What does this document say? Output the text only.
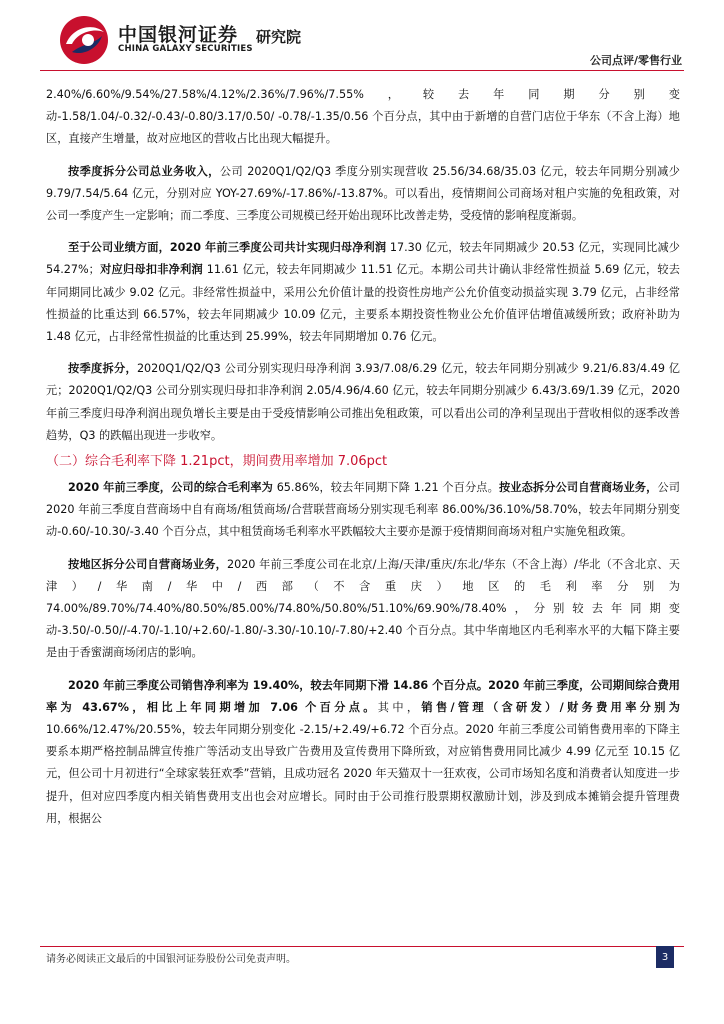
中国银河证券
CHINA GALAXY SECURITIES
研究院
公司点评/零售行业

2.40%/6.60%/9.54%/27.58%/4.12%/2.36%/7.96%/7.55%，较去年同期分别变动-1.58/1.04/-0.32/-0.43/-0.80/3.17/0.50/ -0.78/-1.35/0.56 个百分点，其中由于新增的自营门店位于华东（不含上海）地区，直接产生增量，故对应地区的营收占比出现大幅提升。

按季度拆分公司总业务收入，公司 2020Q1/Q2/Q3 季度分别实现营收 25.56/34.68/35.03 亿元，较去年同期分别减少 9.79/7.54/5.64 亿元，分别对应 YOY-27.69%/-17.86%/-13.87%。可以看出，疫情期间公司商场对租户实施的免租政策，对公司一季度产生一定影响；而二季度、三季度公司规模已经开始出现环比改善走势，受疫情的影响程度渐弱。

至于公司业绩方面，2020 年前三季度公司共计实现归母净利润 17.30 亿元，较去年同期减少 20.53 亿元，实现同比减少 54.27%；对应归母扣非净利润 11.61 亿元，较去年同期减少 11.51 亿元。本期公司共计确认非经常性损益 5.69 亿元，较去年同期同比减少 9.02 亿元。非经常性损益中，采用公允价值计量的投资性房地产公允价值变动损益实现 3.79 亿元，占非经常性损益的比重达到 66.57%，较去年同期减少 10.09 亿元，主要系本期投资性物业公允价值评估增值减缓所致；政府补助为 1.48 亿元，占非经常性损益的比重达到 25.99%，较去年同期增加 0.76 亿元。

按季度拆分，2020Q1/Q2/Q3 公司分别实现归母净利润 3.93/7.08/6.29 亿元，较去年同期分别减少 9.21/6.83/4.49 亿元；2020Q1/Q2/Q3 公司分别实现归母扣非净利润 2.05/4.96/4.60 亿元，较去年同期分别减少 6.43/3.69/1.39 亿元，2020 年前三季度归母净利润出现负增长主要是由于受疫情影响公司推出免租政策，可以看出公司的净利呈现出于营收相似的逐季改善趋势，Q3 的跌幅出现进一步收窄。

（二）综合毛利率下降 1.21pct，期间费用率增加 7.06pct

2020 年前三季度，公司的综合毛利率为 65.86%，较去年同期下降 1.21 个百分点。按业态拆分公司自营商场业务，公司 2020 年前三季度自营商场中自有商场/租赁商场/合营联营商场分别实现毛利率 86.00%/36.10%/58.70%，较去年同期分别变动-0.60/-10.30/-3.40 个百分点，其中租赁商场毛利率水平跌幅较大主要亦是源于疫情期间商场对租户实施免租政策。

按地区拆分公司自营商场业务，2020 年前三季度公司在北京/上海/天津/重庆/东北/华东（不含上海）/华北（不含北京、天津）/华南/华中/西部（不含重庆）地区的毛利率分别为 74.00%/89.70%/74.40%/80.50%/85.00%/74.80%/50.80%/51.10%/69.90%/78.40%，分别较去年同期变动-3.50/-0.50//-4.70/-1.10/+2.60/-1.80/-3.30/-10.10/-7.80/+2.40 个百分点。其中华南地区内毛利率水平的大幅下降主要是由于香蜜湖商场闭店的影响。

2020 年前三季度公司销售净利率为 19.40%，较去年同期下滑 14.86 个百分点。2020 年前三季度，公司期间综合费用率为 43.67%，相比上年同期增加 7.06 个百分点。其中，销售/管理（含研发）/财务费用率分别为 10.66%/12.47%/20.55%，较去年同期分别变化 -2.15/+2.49/+6.72 个百分点。2020 年前三季度公司销售费用率的下降主要系本期严格控制品牌宣传推广等活动支出导致广告费用及宣传费用下降所致，对应销售费用同比减少 4.99 亿元至 10.15 亿元，但公司十月初进行“全球家装狂欢季”营销，且成功冠名 2020 年天猫双十一狂欢夜，公司市场知名度和消费者认知度进一步提升，但对应四季度内相关销售费用支出也会对应增长。同时由于公司推行股票期权激励计划，涉及到成本摊销会提升管理费用，根据公

请务必阅读正文最后的中国银河证券股份公司免责声明。	3
